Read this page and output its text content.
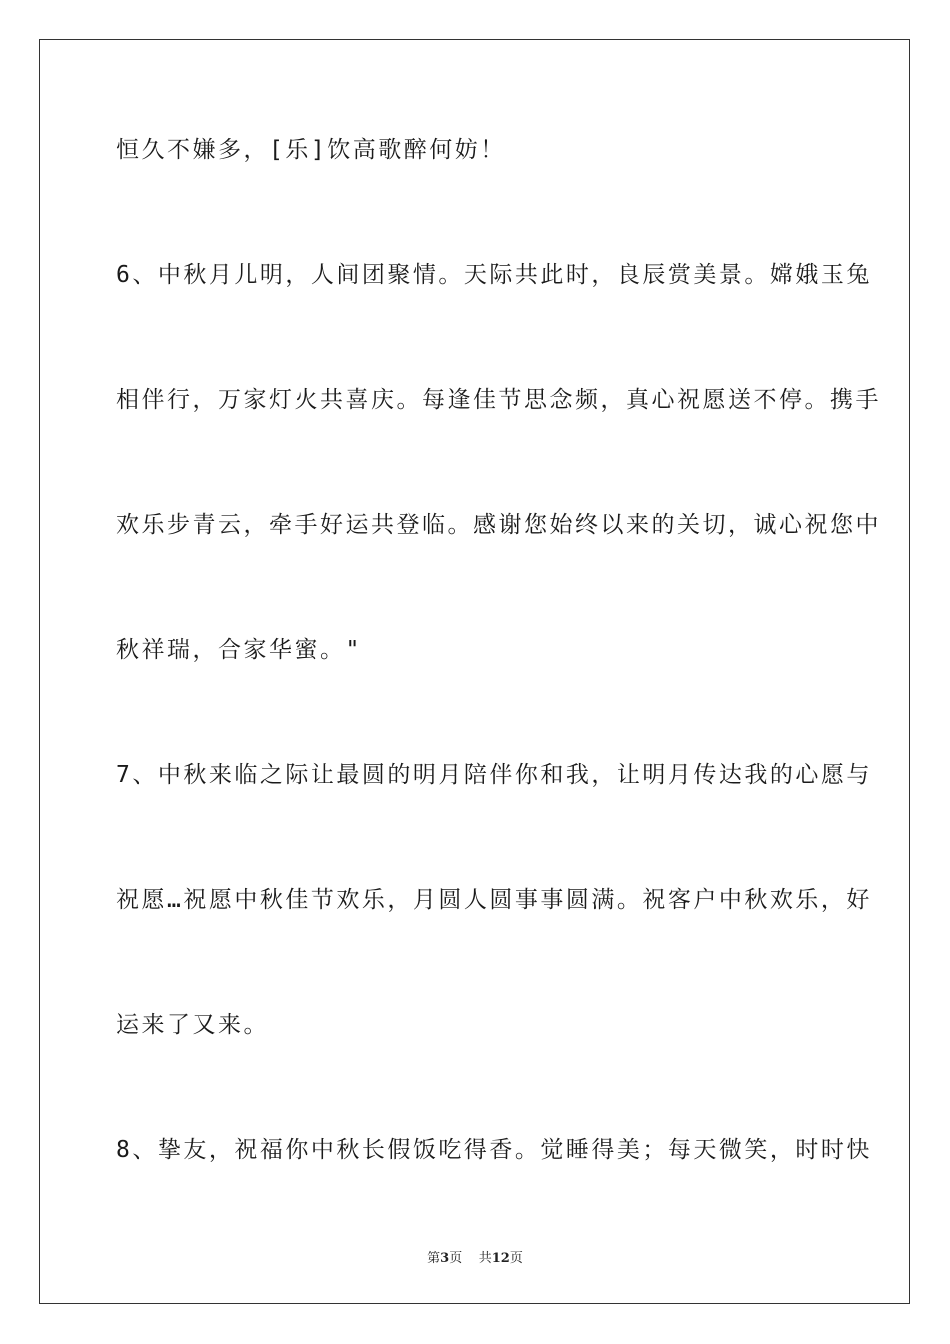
恒久不嫌多，[乐]饮高歌醉何妨！

6、中秋月儿明，人间团聚情。天际共此时，良辰赏美景。嫦娥玉兔

相伴行，万家灯火共喜庆。每逢佳节思念频，真心祝愿送不停。携手

欢乐步青云，牵手好运共登临。感谢您始终以来的关切，诚心祝您中

秋祥瑞，合家华蜜。"

7、中秋来临之际让最圆的明月陪伴你和我，让明月传达我的心愿与

祝愿…祝愿中秋佳节欢乐，月圆人圆事事圆满。祝客户中秋欢乐，好

运来了又来。

8、挚友，祝福你中秋长假饭吃得香。觉睡得美；每天微笑，时时快

第3页 共12页
